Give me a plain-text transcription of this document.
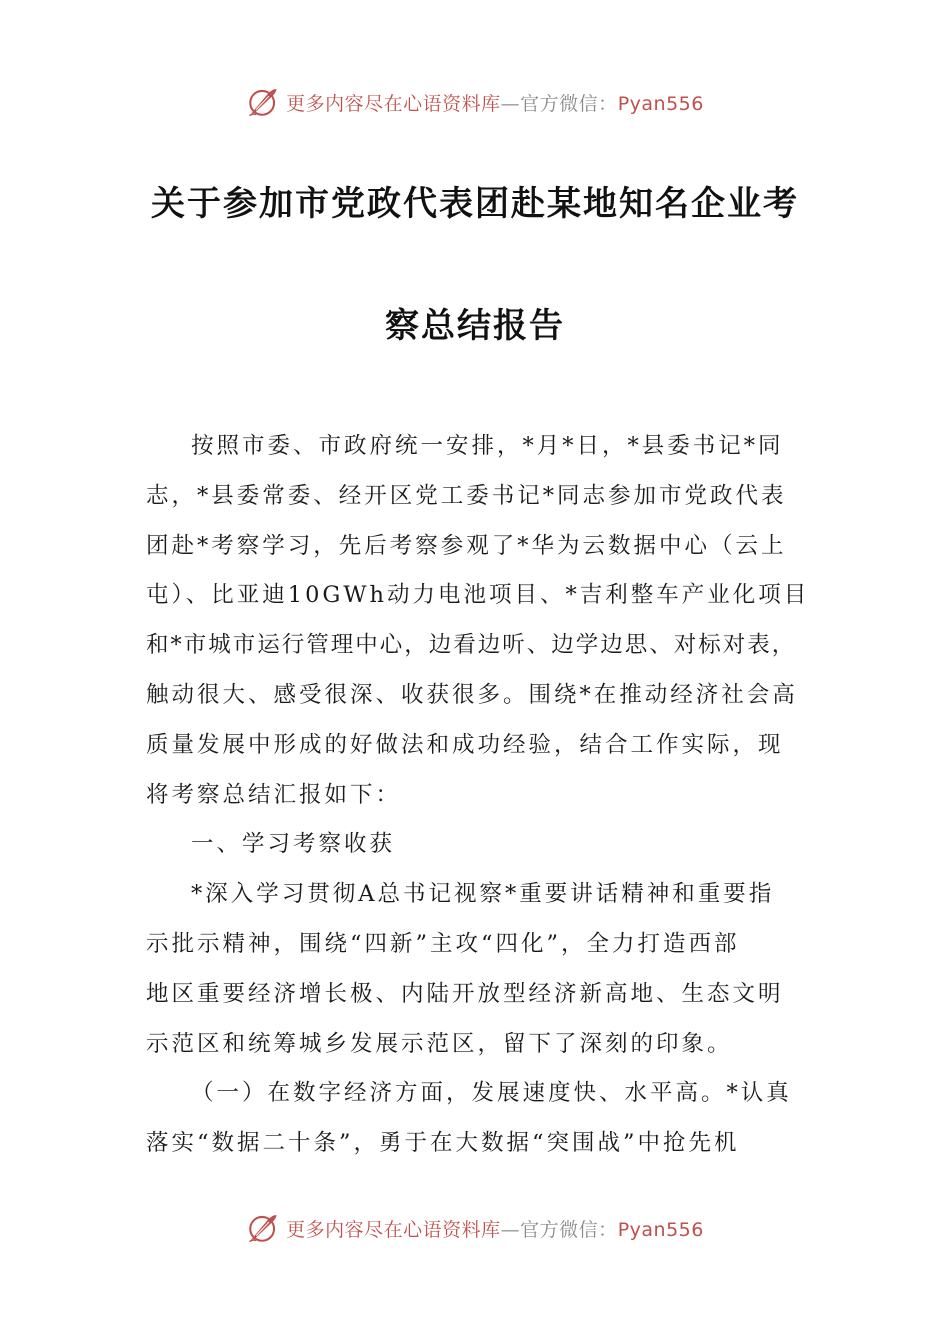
更多内容尽在心语资料库—官方微信：Pyan556
关于参加市党政代表团赴某地知名企业考
察总结报告

按照市委、市政府统一安排，*月*日，*县委书记*同
志，*县委常委、经开区党工委书记*同志参加市党政代表
团赴*考察学习，先后考察参观了*华为云数据中心（云上
屯）、比亚迪10GWh动力电池项目、*吉利整车产业化项目
和*市城市运行管理中心，边看边听、边学边思、对标对表，
触动很大、感受很深、收获很多。围绕*在推动经济社会高
质量发展中形成的好做法和成功经验，结合工作实际，现
将考察总结汇报如下：

一、学习考察收获

*深入学习贯彻A总书记视察*重要讲话精神和重要指
示批示精神，围绕“四新”主攻“四化”，全力打造西部
地区重要经济增长极、内陆开放型经济新高地、生态文明
示范区和统筹城乡发展示范区，留下了深刻的印象。

（一）在数字经济方面，发展速度快、水平高。*认真
落实“数据二十条”，勇于在大数据“突围战”中抢先机

更多内容尽在心语资料库—官方微信：Pyan556
